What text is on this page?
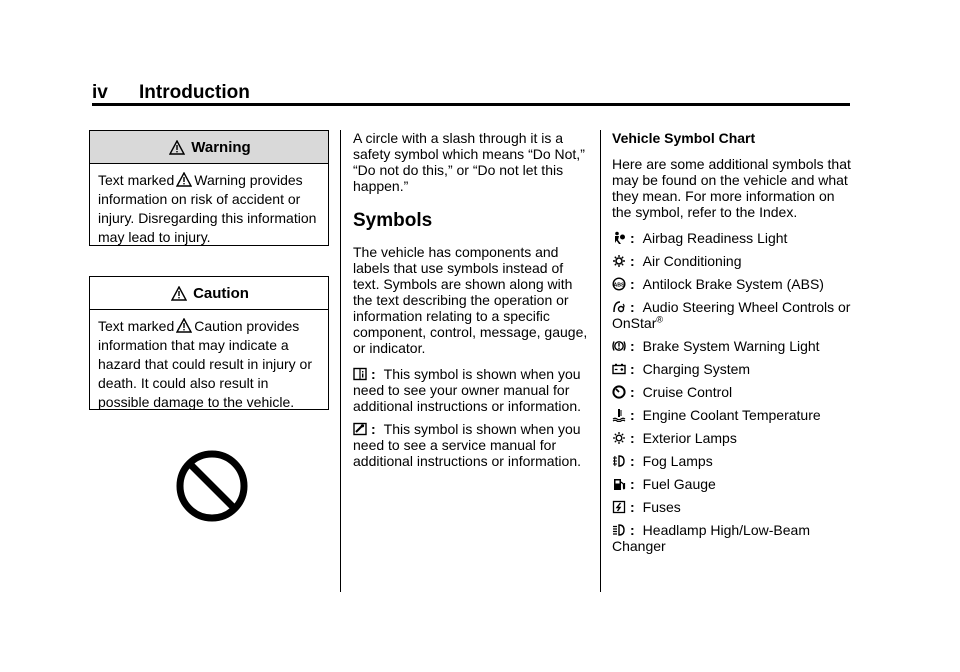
iv Introduction
Warning
Text marked Warning provides information on risk of accident or injury. Disregarding this information may lead to injury.
Caution
Text marked Caution provides information that may indicate a hazard that could result in injury or death. It could also result in possible damage to the vehicle.

A circle with a slash through it is a safety symbol which means “Do Not,” “Do not do this,” or “Do not let this happen.”

Symbols

The vehicle has components and labels that use symbols instead of text. Symbols are shown along with the text describing the operation or information relating to a specific component, control, message, gauge, or indicator.

: This symbol is shown when you need to see your owner manual for additional instructions or information.
: This symbol is shown when you need to see a service manual for additional instructions or information.

Vehicle Symbol Chart

Here are some additional symbols that may be found on the vehicle and what they mean. For more information on the symbol, refer to the Index.

: Airbag Readiness Light
: Air Conditioning
ABS : Antilock Brake System (ABS)
: Audio Steering Wheel Controls or OnStar®
: Brake System Warning Light
: Charging System
: Cruise Control
: Engine Coolant Temperature
: Exterior Lamps
: Fog Lamps
: Fuel Gauge
: Fuses
: Headlamp High/Low-Beam Changer
